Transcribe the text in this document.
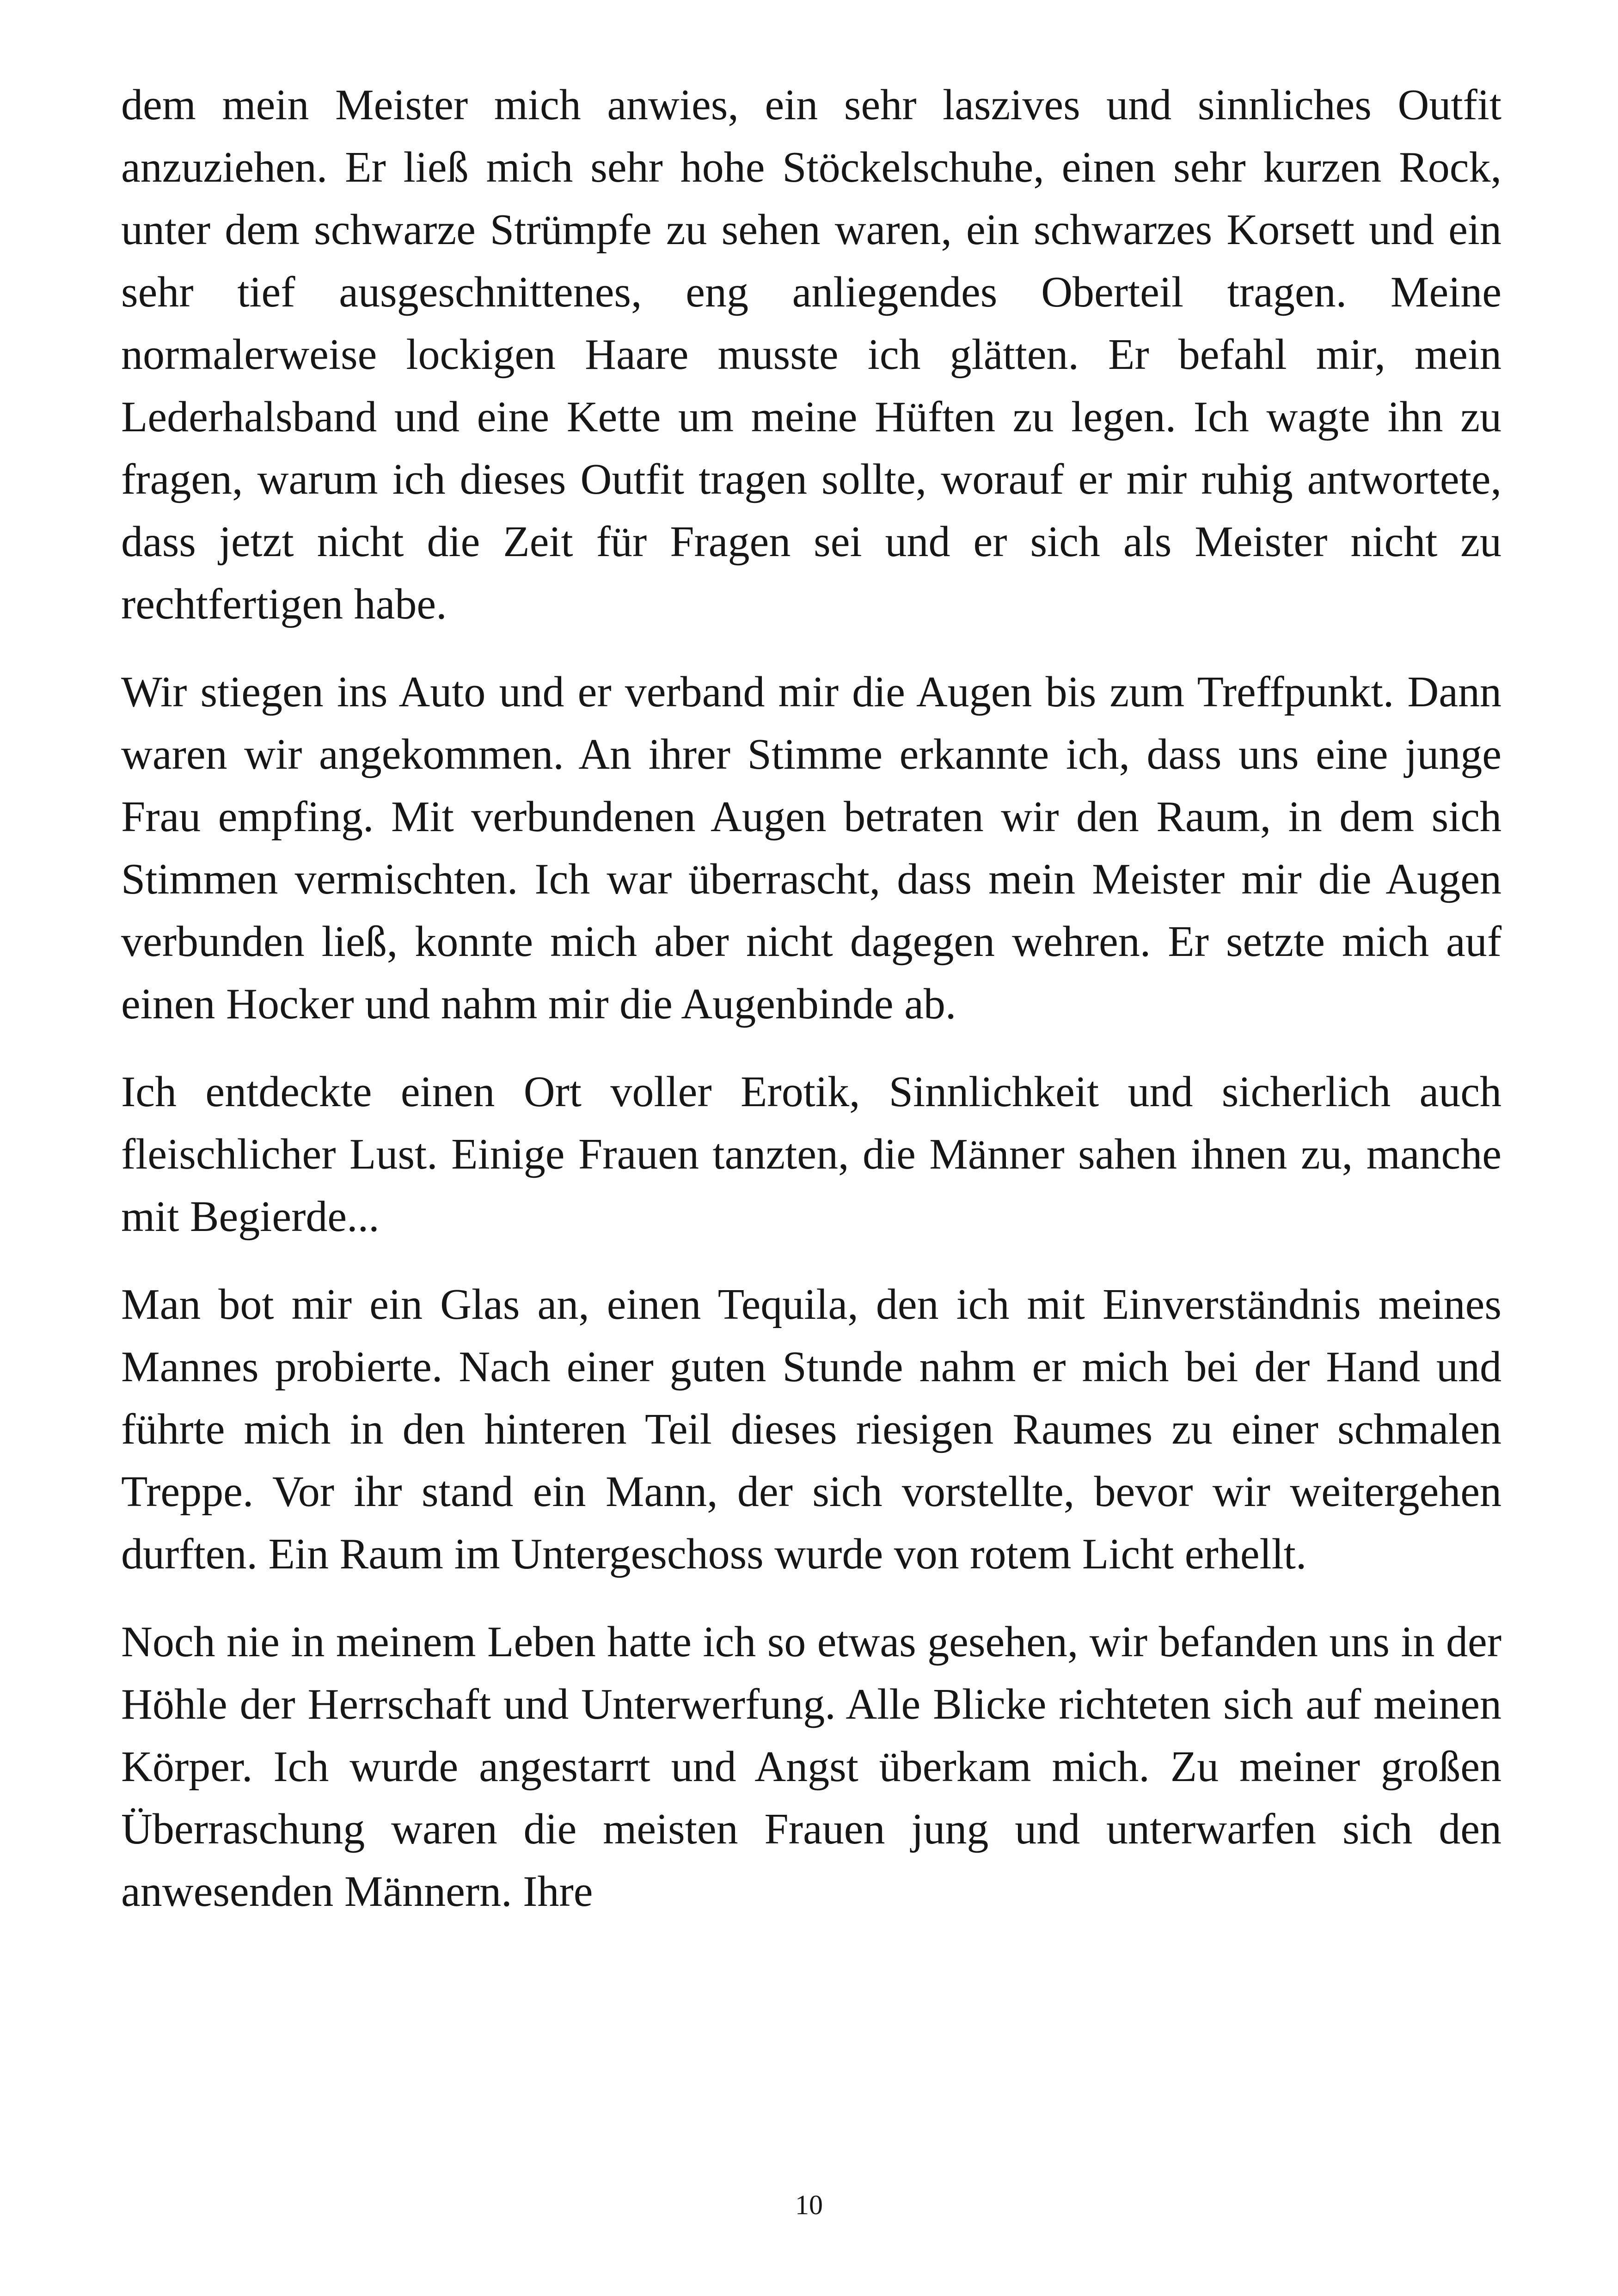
dem mein Meister mich anwies, ein sehr laszives und sinnliches Outfit anzuziehen. Er ließ mich sehr hohe Stöckelschuhe, einen sehr kurzen Rock, unter dem schwarze Strümpfe zu sehen waren, ein schwarzes Korsett und ein sehr tief ausgeschnittenes, eng anliegendes Oberteil tragen. Meine normalerweise lockigen Haare musste ich glätten. Er befahl mir, mein Lederhalsband und eine Kette um meine Hüften zu legen. Ich wagte ihn zu fragen, warum ich dieses Outfit tragen sollte, worauf er mir ruhig antwortete, dass jetzt nicht die Zeit für Fragen sei und er sich als Meister nicht zu rechtfertigen habe.

Wir stiegen ins Auto und er verband mir die Augen bis zum Treffpunkt. Dann waren wir angekommen. An ihrer Stimme erkannte ich, dass uns eine junge Frau empfing. Mit verbundenen Augen betraten wir den Raum, in dem sich Stimmen vermischten. Ich war überrascht, dass mein Meister mir die Augen verbunden ließ, konnte mich aber nicht dagegen wehren. Er setzte mich auf einen Hocker und nahm mir die Augenbinde ab.

Ich entdeckte einen Ort voller Erotik, Sinnlichkeit und sicherlich auch fleischlicher Lust. Einige Frauen tanzten, die Männer sahen ihnen zu, manche mit Begierde...

Man bot mir ein Glas an, einen Tequila, den ich mit Einverständnis meines Mannes probierte. Nach einer guten Stunde nahm er mich bei der Hand und führte mich in den hinteren Teil dieses riesigen Raumes zu einer schmalen Treppe. Vor ihr stand ein Mann, der sich vorstellte, bevor wir weitergehen durften. Ein Raum im Untergeschoss wurde von rotem Licht erhellt.

Noch nie in meinem Leben hatte ich so etwas gesehen, wir befanden uns in der Höhle der Herrschaft und Unterwerfung. Alle Blicke richteten sich auf meinen Körper. Ich wurde angestarrt und Angst überkam mich. Zu meiner großen Überraschung waren die meisten Frauen jung und unterwarfen sich den anwesenden Männern. Ihre

10
